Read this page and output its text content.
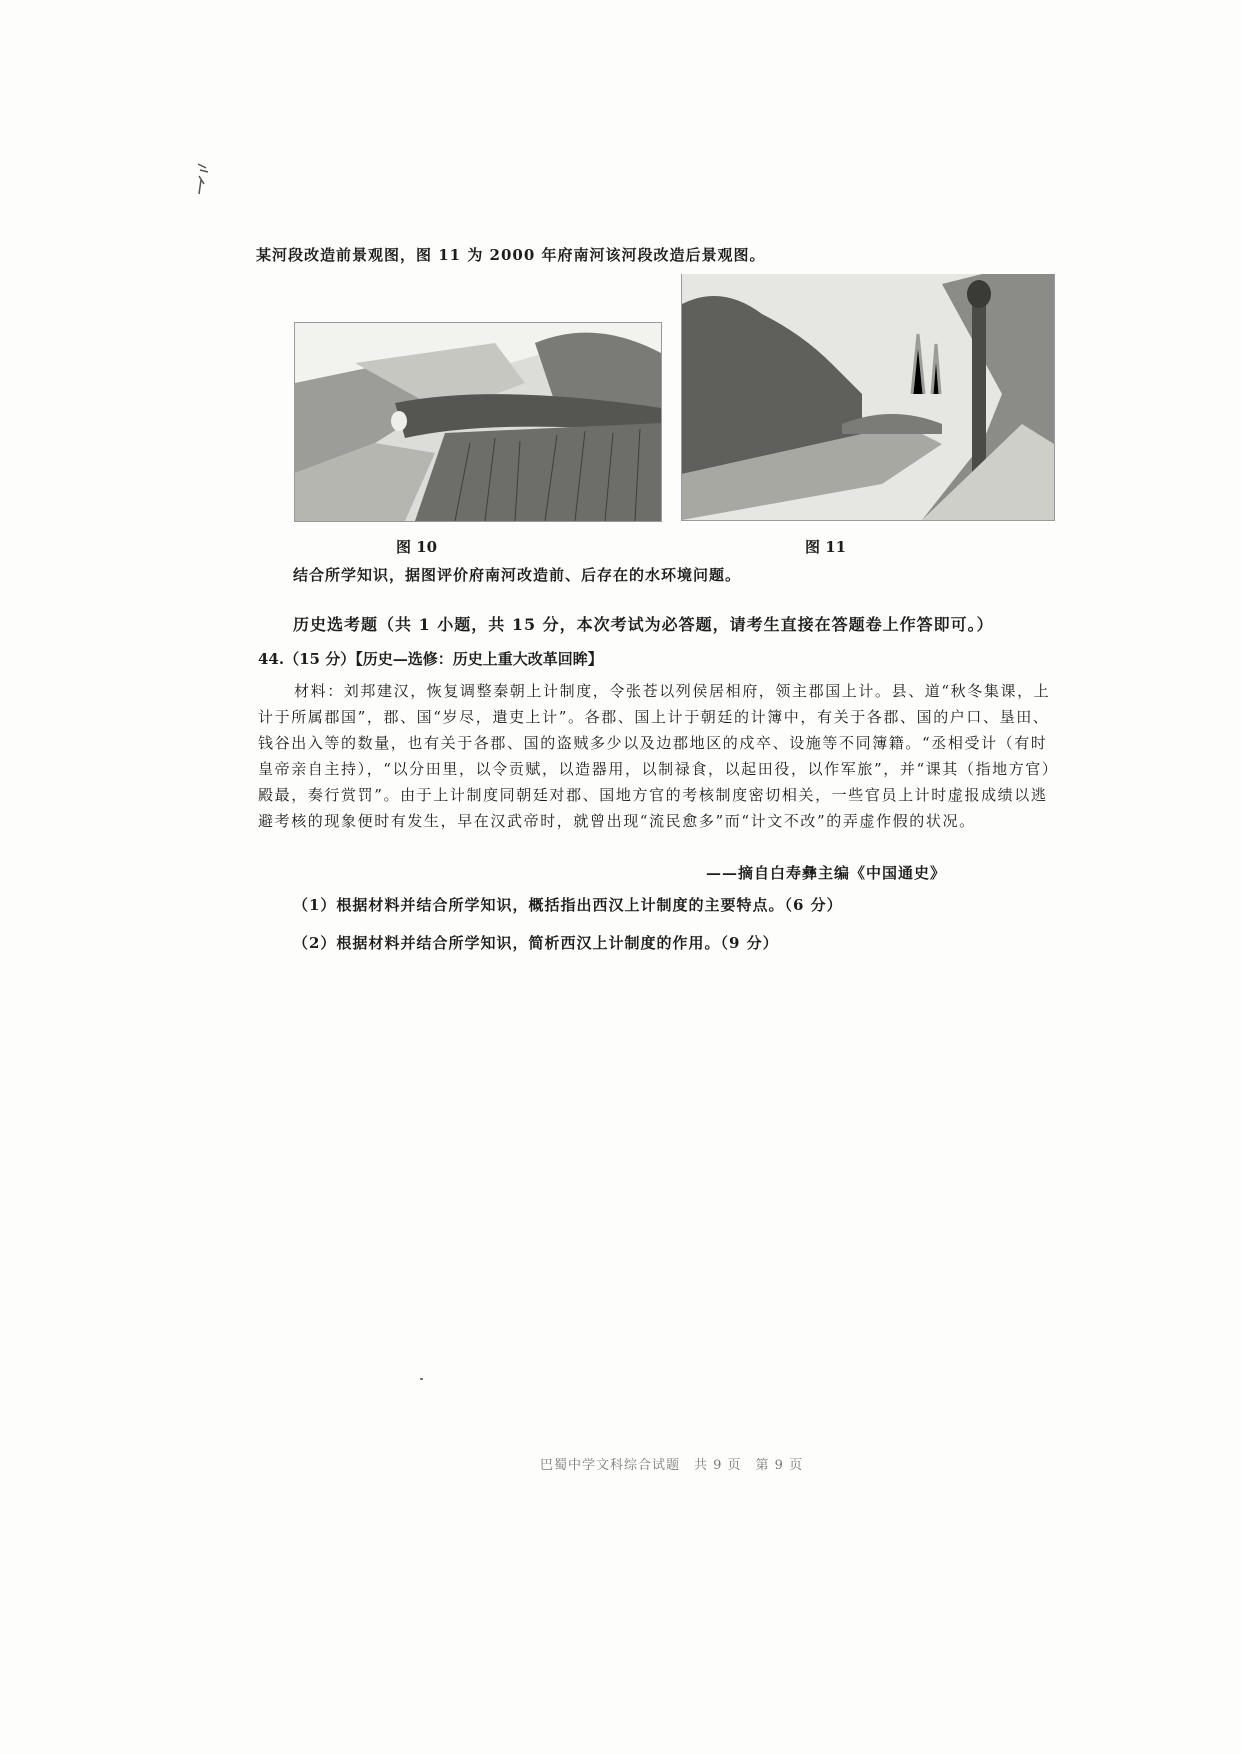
某河段改造前景观图，图 11 为 2000 年府南河该河段改造后景观图。
图 10	图 11
结合所学知识，据图评价府南河改造前、后存在的水环境问题。
历史选考题（共 1 小题，共 15 分，本次考试为必答题，请考生直接在答题卷上作答即可。）
44.（15 分）【历史—选修：历史上重大改革回眸】
材料：刘邦建汉，恢复调整秦朝上计制度，令张苍以列侯居相府，领主郡国上计。县、道“秋冬集课，上计于所属郡国”，郡、国“岁尽，遣吏上计”。各郡、国上计于朝廷的计簿中，有关于各郡、国的户口、垦田、钱谷出入等的数量，也有关于各郡、国的盗贼多少以及边郡地区的戍卒、设施等不同簿籍。“丞相受计（有时皇帝亲自主持），“以分田里，以令贡赋，以造器用，以制禄食，以起田役，以作军旅”，并“课其（指地方官）殿最，奏行赏罚”。由于上计制度同朝廷对郡、国地方官的考核制度密切相关，一些官员上计时虚报成绩以逃避考核的现象便时有发生，早在汉武帝时，就曾出现“流民愈多”而“计文不改”的弄虚作假的状况。
——摘自白寿彝主编《中国通史》
（1）根据材料并结合所学知识，概括指出西汉上计制度的主要特点。（6 分）
（2）根据材料并结合所学知识，简析西汉上计制度的作用。（9 分）
巴蜀中学文科综合试题　共 9 页　第 9 页
